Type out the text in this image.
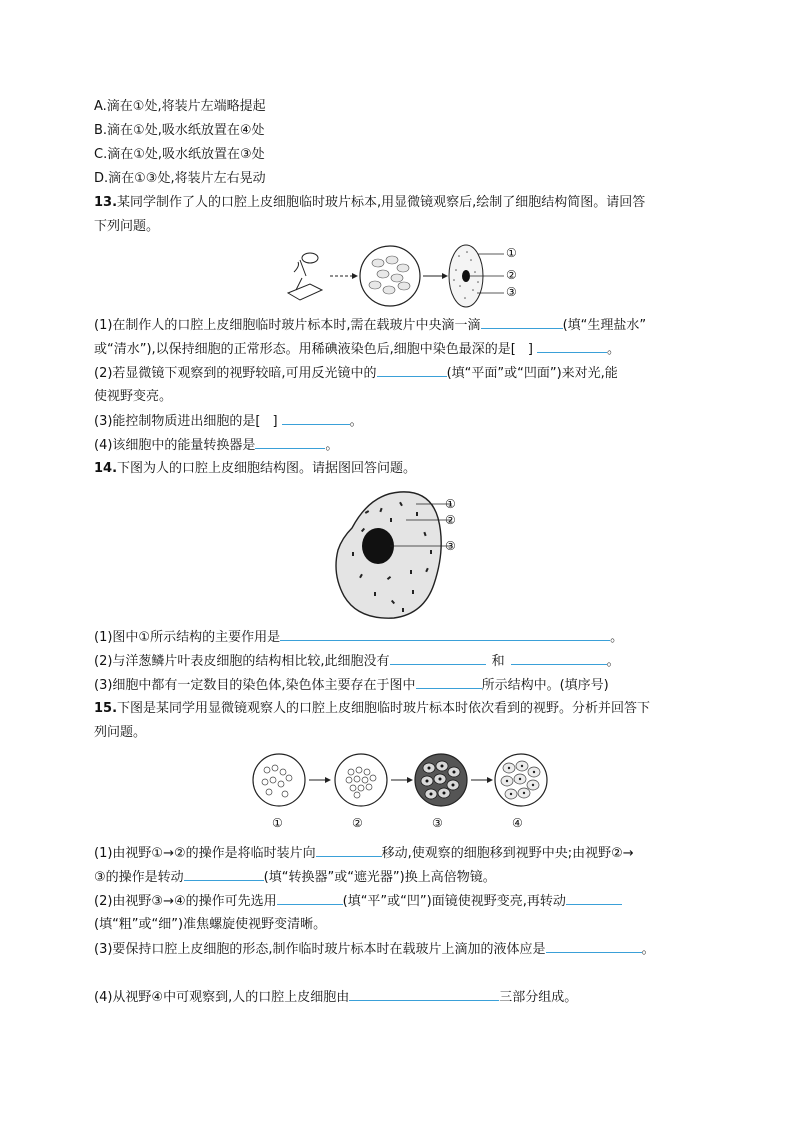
A.滴在①处,将装片左端略提起
B.滴在①处,吸水纸放置在④处
C.滴在①处,吸水纸放置在③处
D.滴在①③处,将装片左右晃动
13.某同学制作了人的口腔上皮细胞临时玻片标本,用显微镜观察后,绘制了细胞结构简图。请回答
下列问题。
①
②
③
(1)在制作人的口腔上皮细胞临时玻片标本时,需在载玻片中央滴一滴	(填“生理盐水”
或“清水”),以保持细胞的正常形态。用稀碘液染色后,细胞中染色最深的是[ ]	。
(2)若显微镜下观察到的视野较暗,可用反光镜中的	(填“平面”或“凹面”)来对光,能
使视野变亮。
(3)能控制物质进出细胞的是[ ]	。
(4)该细胞中的能量转换器是	。
14.下图为人的口腔上皮细胞结构图。请据图回答问题。
①
②
③
(1)图中①所示结构的主要作用是	。
(2)与洋葱鳞片叶表皮细胞的结构相比较,此细胞没有	和	。
(3)细胞中都有一定数目的染色体,染色体主要存在于图中	所示结构中。(填序号)
15.下图是某同学用显微镜观察人的口腔上皮细胞临时玻片标本时依次看到的视野。分析并回答下
列问题。
①	②	③	④
(1)由视野①→②的操作是将临时装片向	移动,使观察的细胞移到视野中央;由视野②→
③的操作是转动	(填“转换器”或“遮光器”)换上高倍物镜。
(2)由视野③→④的操作可先选用	(填“平”或“凹”)面镜使视野变亮,再转动
(填“粗”或“细”)准焦螺旋使视野变清晰。
(3)要保持口腔上皮细胞的形态,制作临时玻片标本时在载玻片上滴加的液体应是	。
(4)从视野④中可观察到,人的口腔上皮细胞由	三部分组成。
